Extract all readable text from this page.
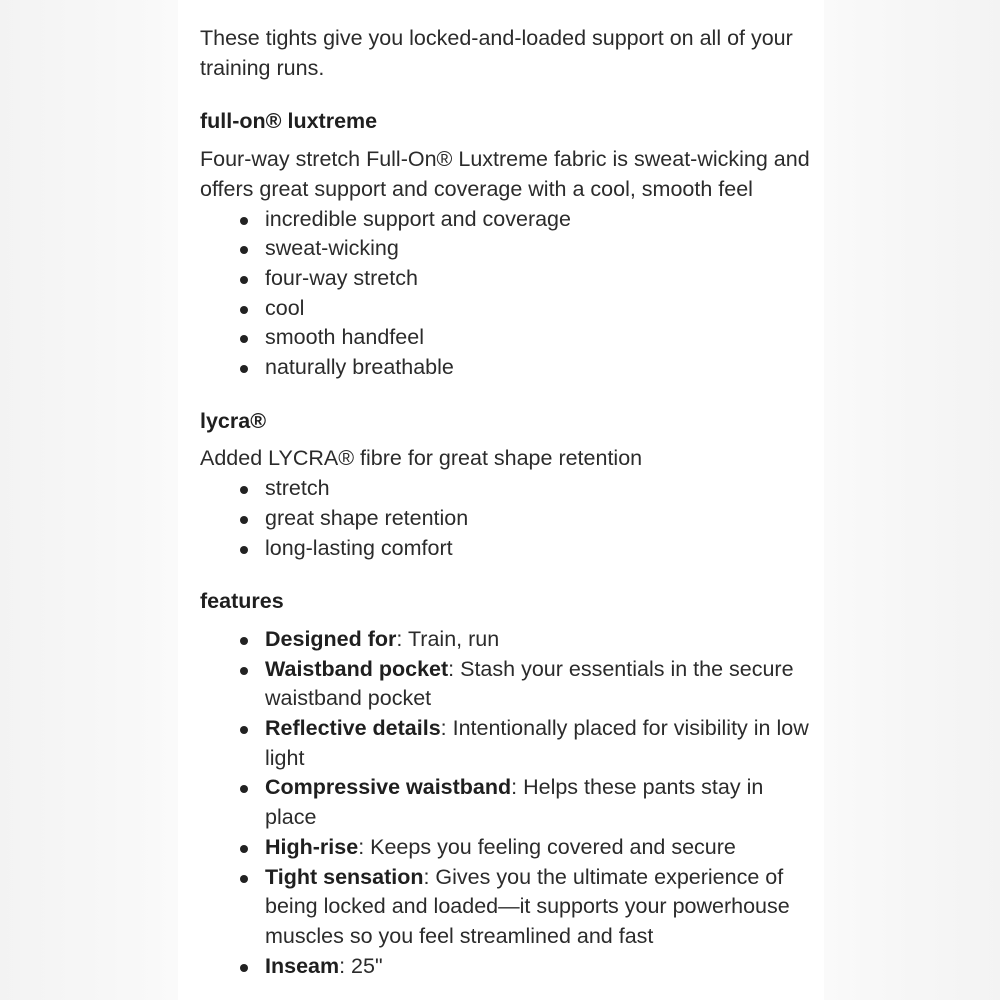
These tights give you locked-and-loaded support on all of your training runs.

full-on® luxtreme

Four-way stretch Full-On® Luxtreme fabric is sweat-wicking and offers great support and coverage with a cool, smooth feel

incredible support and coverage
sweat-wicking
four-way stretch
cool
smooth handfeel
naturally breathable
lycra®

Added LYCRA® fibre for great shape retention

stretch
great shape retention
long-lasting comfort
features
Designed for: Train, run
Waistband pocket: Stash your essentials in the secure waistband pocket
Reflective details: Intentionally placed for visibility in low light
Compressive waistband: Helps these pants stay in place
High-rise: Keeps you feeling covered and secure
Tight sensation: Gives you the ultimate experience of being locked and loaded—it supports your powerhouse muscles so you feel streamlined and fast
Inseam: 25"
